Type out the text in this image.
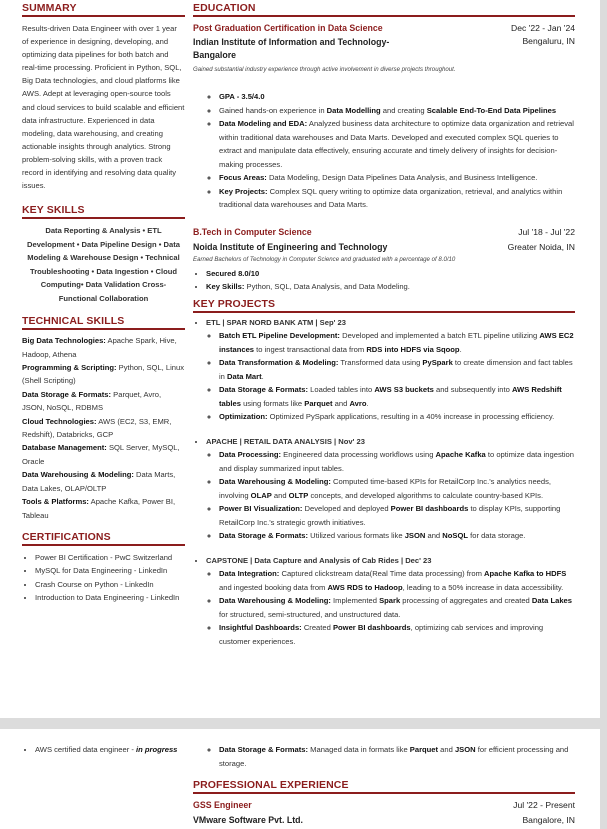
SUMMARY
Results-driven Data Engineer with over 1 year of experience in designing, developing, and optimizing data pipelines for both batch and real-time processing. Proficient in Python, SQL, Big Data technologies, and cloud platforms like AWS. Adept at leveraging open-source tools and cloud services to build scalable and efficient data infrastructure. Experienced in data modeling, data warehousing, and creating actionable insights through analytics. Strong problem-solving skills, with a proven track record in identifying and resolving data quality issues.
KEY SKILLS
Data Reporting & Analysis • ETL Development • Data Pipeline Design • Data Modeling & Warehouse Design • Technical Troubleshooting • Data Ingestion • Cloud Computing• Data Validation Cross-Functional Collaboration
TECHNICAL SKILLS
Big Data Technologies: Apache Spark, Hive, Hadoop, Athena
Programming & Scripting: Python, SQL, Linux (Shell Scripting)
Data Storage & Formats: Parquet, Avro, JSON, NoSQL, RDBMS
Cloud Technologies: AWS (EC2, S3, EMR, Redshift), Databricks, GCP
Database Management: SQL Server, MySQL, Oracle
Data Warehousing & Modeling: Data Marts, Data Lakes, OLAP/OLTP
Tools & Platforms: Apache Kafka, Power BI, Tableau
CERTIFICATIONS
• Power BI Certification - PwC Switzerland
• MySQL for Data Engineering - LinkedIn
• Crash Course on Python - LinkedIn
• Introduction to Data Engineering - LinkedIn
EDUCATION
Post Graduation Certification in Data Science	Dec '22 - Jan '24
Indian Institute of Information and Technology-Bangalore
Bengaluru, IN
Gained substantial industry experience through active involvement in diverse projects throughout.
◦ GPA - 3.5/4.0
◦ Gained hands-on experience in Data Modelling and creating Scalable End-To-End Data Pipelines
◦ Data Modeling and EDA: Analyzed business data architecture to optimize data organization and retrieval within traditional data warehouses and Data Marts. Developed and executed complex SQL queries to extract and manipulate data effectively, ensuring accurate and timely delivery of insights for decision-making processes.
◦ Focus Areas: Data Modeling, Design Data Pipelines Data Analysis, and Business Intelligence.
◦ Key Projects: Complex SQL query writing to optimize data organization, retrieval, and analytics within traditional data warehouses and Data Marts.
B.Tech in Computer Science	Jul '18 - Jul '22
Noida Institute of Engineering and Technology	Greater Noida, IN
Earned Bachelors of Technology in Computer Science and graduated with a percentage of 8.0/10
• Secured 8.0/10
• Key Skills: Python, SQL, Data Analysis, and Data Modeling.
KEY PROJECTS
• ETL | SPAR NORD BANK ATM | Sep' 23
◦ Batch ETL Pipeline Development: Developed and implemented a batch ETL pipeline utilizing AWS EC2 instances to ingest transactional data from RDS into HDFS via Sqoop.
◦ Data Transformation & Modeling: Transformed data using PySpark to create dimension and fact tables in Data Mart.
◦ Data Storage & Formats: Loaded tables into AWS S3 buckets and subsequently into AWS Redshift tables using formats like Parquet and Avro.
◦ Optimization: Optimized PySpark applications, resulting in a 40% increase in processing efficiency.
• APACHE | RETAIL DATA ANALYSIS | Nov' 23
◦ Data Processing: Engineered data processing workflows using Apache Kafka to optimize data ingestion and display summarized input tables.
◦ Data Warehousing & Modeling: Computed time-based KPIs for RetailCorp Inc.'s analytics needs, involving OLAP and OLTP concepts, and developed algorithms to calculate country-based KPIs.
◦ Power BI Visualization: Developed and deployed Power BI dashboards to display KPIs, supporting RetailCorp Inc.'s strategic growth initiatives.
◦ Data Storage & Formats: Utilized various formats like JSON and NoSQL for data storage.
• CAPSTONE | Data Capture and Analysis of Cab Rides | Dec' 23
◦ Data Integration: Captured clickstream data(Real Time data processing) from Apache Kafka to HDFS and ingested booking data from AWS RDS to Hadoop, leading to a 50% increase in data accessibility.
◦ Data Warehousing & Modeling: Implemented Spark processing of aggregates and created Data Lakes for structured, semi-structured, and unstructured data.
◦ Insightful Dashboards: Created Power BI dashboards, optimizing cab services and improving customer experiences.
• AWS certified data engineer - in progress
◦	Data Storage & Formats: Managed data in formats like Parquet and JSON for efficient processing and storage.
PROFESSIONAL EXPERIENCE
GSS Engineer	Jul '22 - Present
VMware Software Pvt. Ltd.	Bangalore, IN
